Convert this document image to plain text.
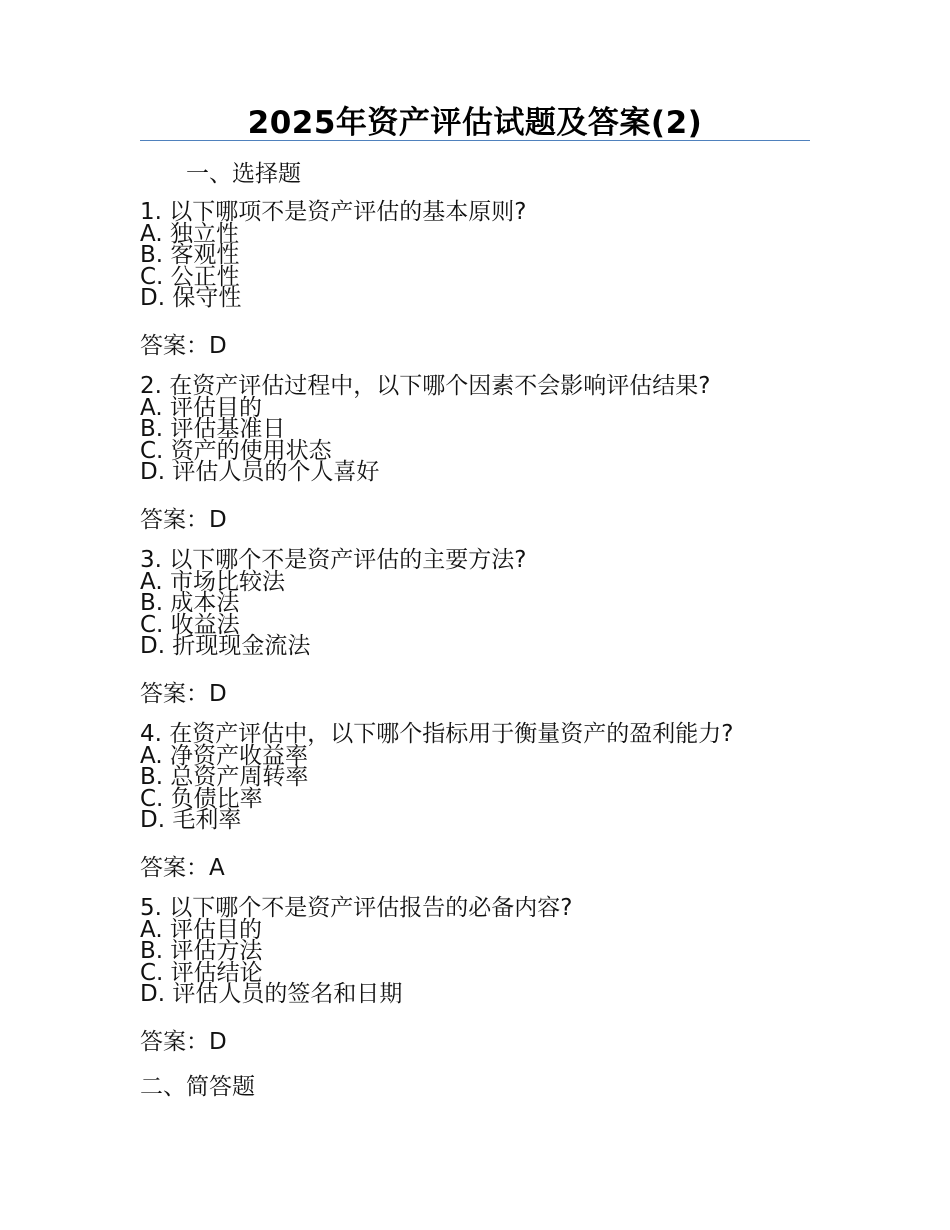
2025年资产评估试题及答案(2)
一、选择题
1. 以下哪项不是资产评估的基本原则?
A. 独立性
B. 客观性
C. 公正性
D. 保守性
答案：D
2. 在资产评估过程中，以下哪个因素不会影响评估结果?
A. 评估目的
B. 评估基准日
C. 资产的使用状态
D. 评估人员的个人喜好
答案：D
3. 以下哪个不是资产评估的主要方法?
A. 市场比较法
B. 成本法
C. 收益法
D. 折现现金流法
答案：D
4. 在资产评估中，以下哪个指标用于衡量资产的盈利能力?
A. 净资产收益率
B. 总资产周转率
C. 负债比率
D. 毛利率
答案：A
5. 以下哪个不是资产评估报告的必备内容?
A. 评估目的
B. 评估方法
C. 评估结论
D. 评估人员的签名和日期
答案：D
二、简答题
